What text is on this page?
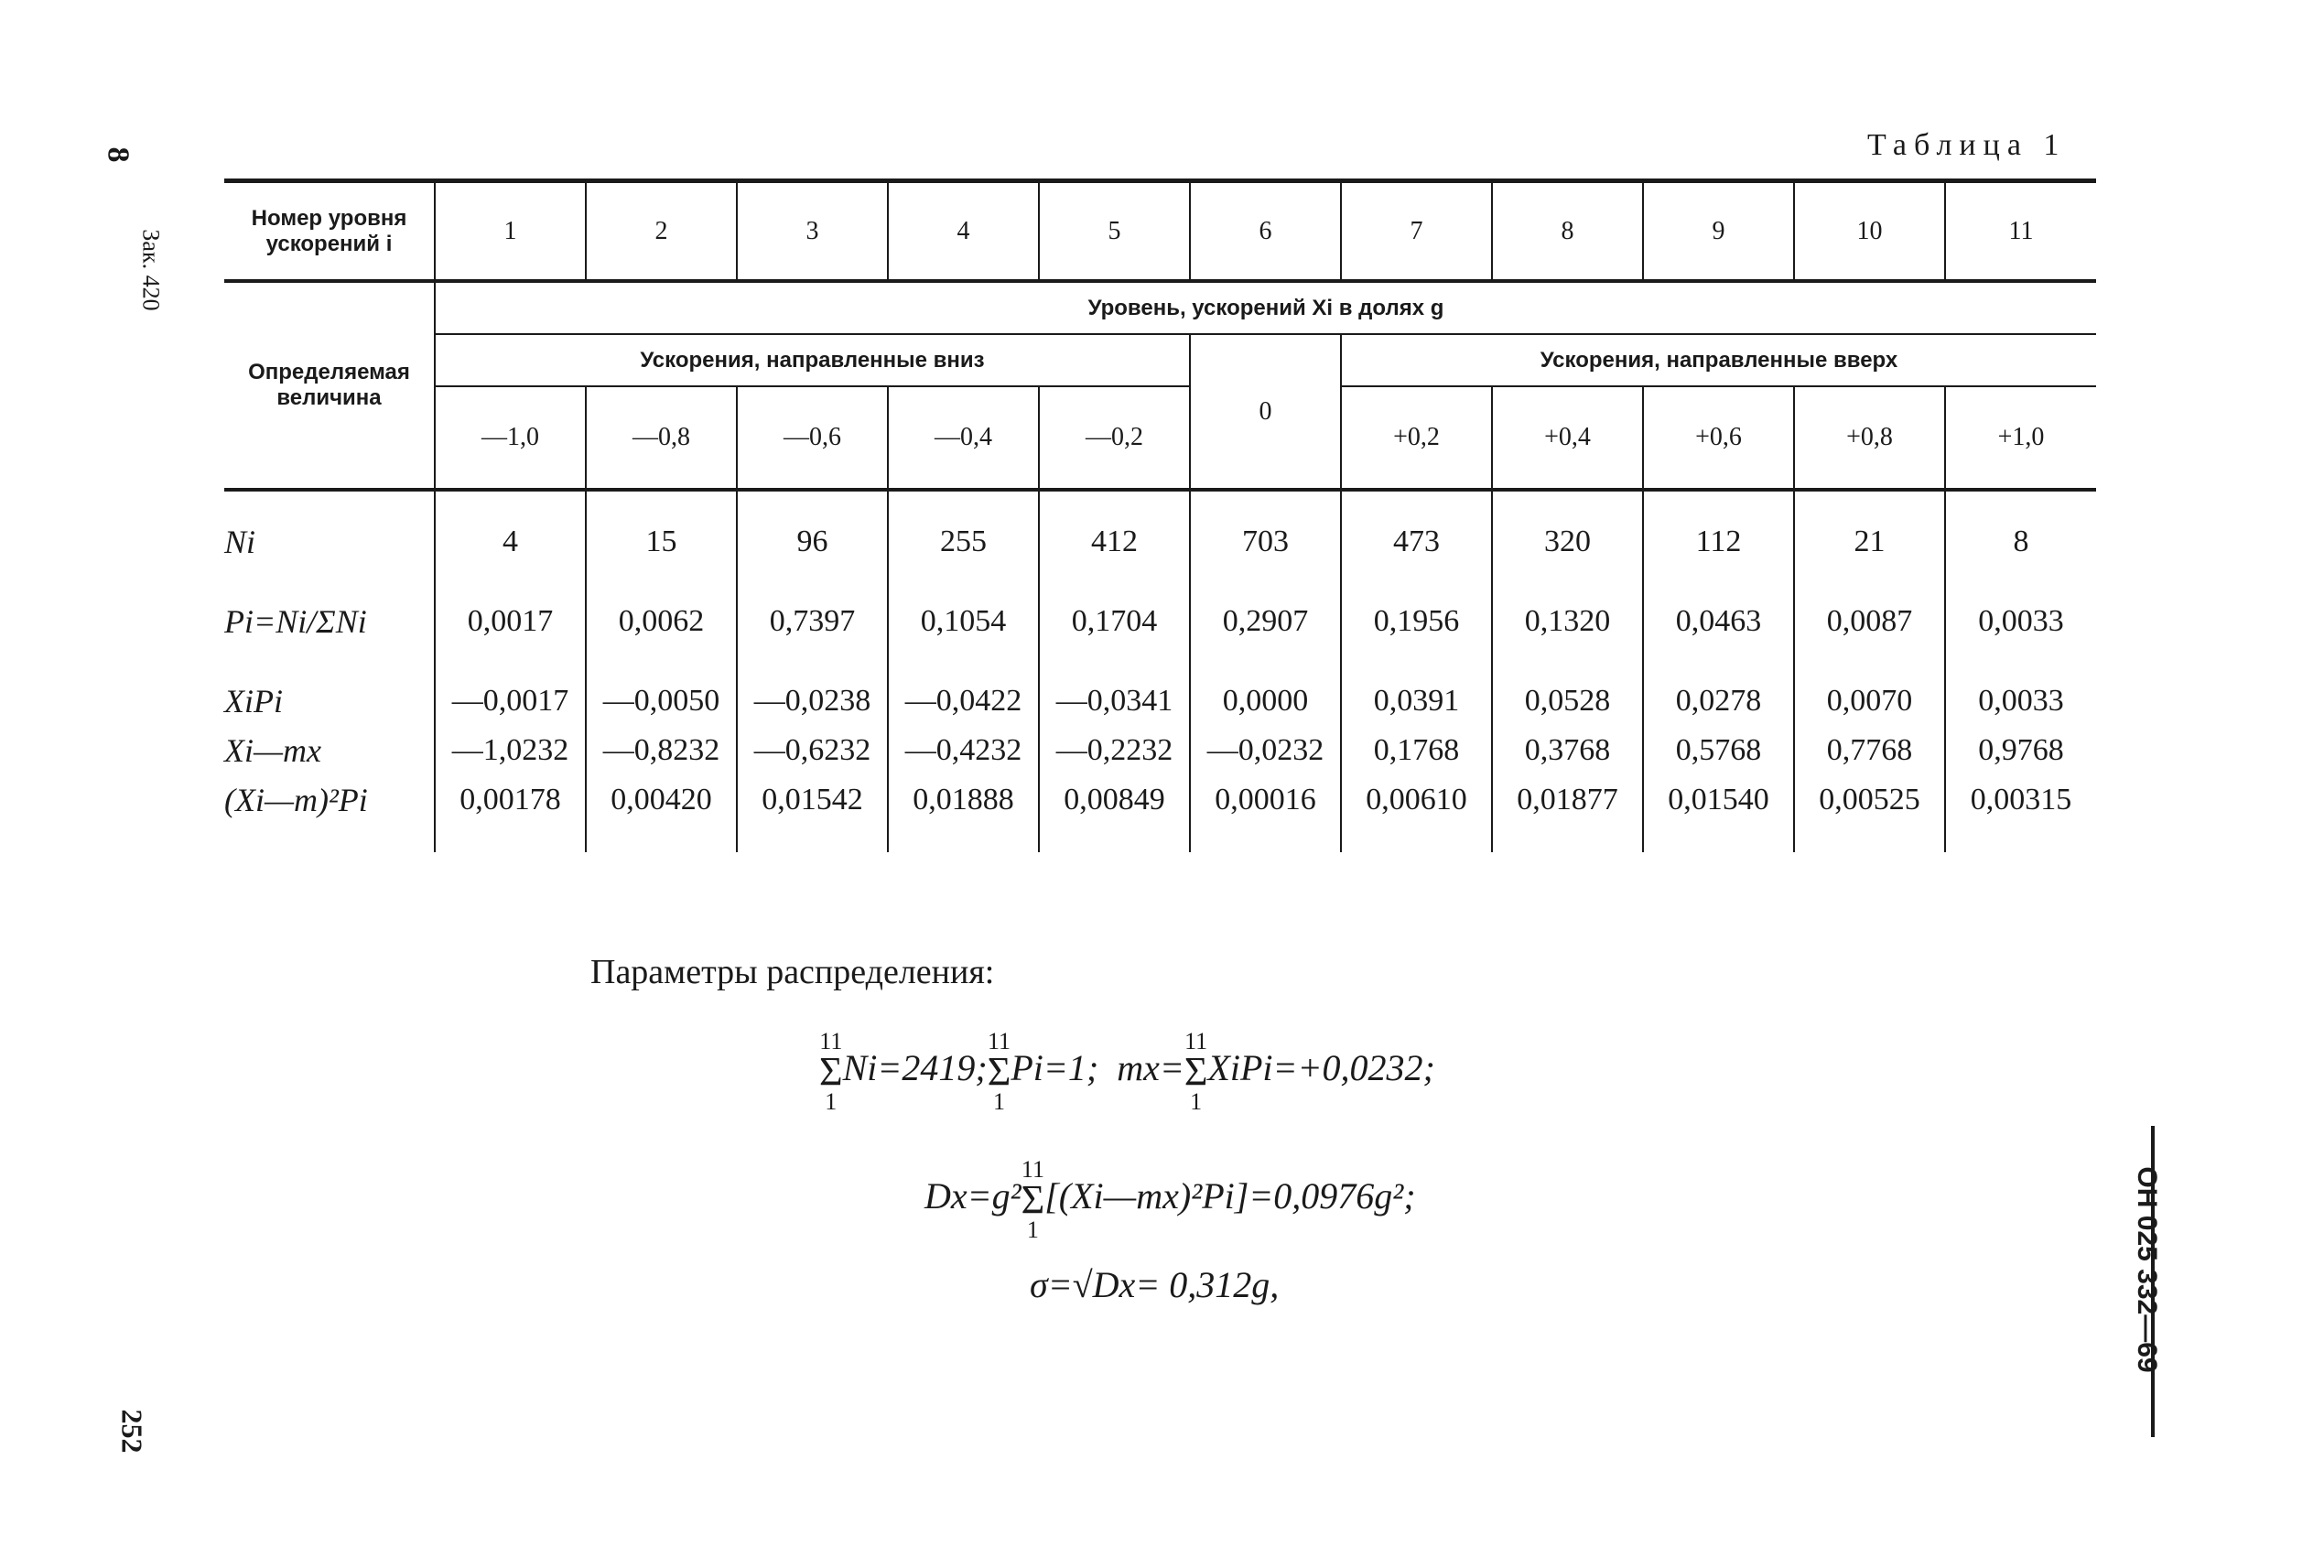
8
Зак. 420
252
ОН 025 332—69
Таблица 1
Номер уровня ускорений i	1	2	3	4	5	6	7	8	9	10	11
Определяемая величина	Уровень, ускорений Xi в долях g										
	Ускорения, направленные вниз					0	Ускорения, направленные вверх				
	—1,0	—0,8	—0,6	—0,4	—0,2		+0,2	+0,4	+0,6	+0,8	+1,0
Ni	4	15	96	255	412	703	473	320	112	21	8
Pi=Ni/ΣNi	0,0017	0,0062	0,7397	0,1054	0,1704	0,2907	0,1956	0,1320	0,0463	0,0087	0,0033
XiPi	—0,0017	—0,0050	—0,0238	—0,0422	—0,0341	0,0000	0,0391	0,0528	0,0278	0,0070	0,0033
Xi—mx	—1,0232	—0,8232	—0,6232	—0,4232	—0,2232	—0,0232	0,1768	0,3768	0,5768	0,7768	0,9768
(Xi—m)²Pi	0,00178	0,00420	0,01542	0,01888	0,00849	0,00016	0,00610	0,01877	0,01540	0,00525	0,00315
Параметры распределения:
11
Σ
1Ni=2419;11
Σ
1Pi=1; mx=11
Σ
1XiPi=+0,0232;
Dx=g²11
Σ
1[(Xi—mx)²Pi]=0,0976g²;
σ=√Dx= 0,312g,
